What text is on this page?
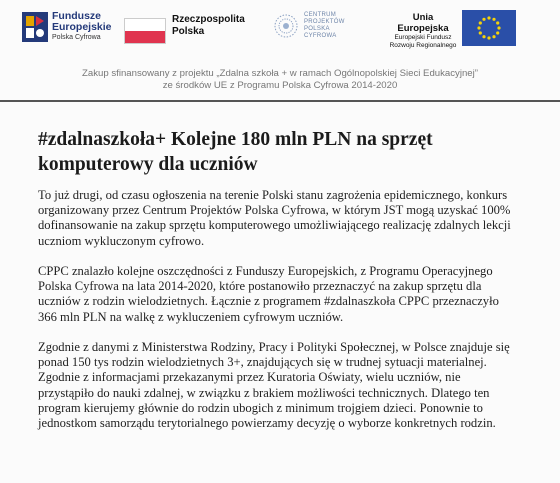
Fundusze
Europejskie
Polska Cyfrowa
Rzeczpospolita
Polska
CENTRUM
PROJEKTÓW
POLSKA
CYFROWA
Unia Europejska
Europejski Fundusz
Rozwoju Regionalnego
Zakup sfinansowany z projektu „Zdalna szkoła + w ramach Ogólnopolskiej Sieci Edukacyjnej”
ze środków UE z Programu Polska Cyfrowa 2014-2020
#zdalnaszkoła+ Kolejne 180 mln PLN na sprzęt
komputerowy dla uczniów

To już drugi, od czasu ogłoszenia na terenie Polski stanu zagrożenia epidemicznego, konkurs
organizowany przez Centrum Projektów Polska Cyfrowa, w którym JST mogą uzyskać 100%
dofinansowanie na zakup sprzętu komputerowego umożliwiającego realizację zdalnych lekcji
uczniom wykluczonym cyfrowo.

CPPC znalazło kolejne oszczędności z Funduszy Europejskich, z Programu Operacyjnego
Polska Cyfrowa na lata 2014-2020, które postanowiło przeznaczyć na zakup sprzętu dla
uczniów z rodzin wielodzietnych. Łącznie z programem #zdalnaszkoła CPPC przeznaczyło
366 mln PLN na walkę z wykluczeniem cyfrowym uczniów.

Zgodnie z danymi z Ministerstwa Rodziny, Pracy i Polityki Społecznej, w Polsce znajduje się
ponad 150 tys rodzin wielodzietnych 3+, znajdujących się w trudnej sytuacji materialnej.
Zgodnie z informacjami przekazanymi przez Kuratoria Oświaty, wielu uczniów, nie
przystąpiło do nauki zdalnej, w związku z brakiem możliwości technicznych. Dlatego ten
program kierujemy głównie do rodzin ubogich z minimum trojgiem dzieci. Ponownie to
jednostkom samorządu terytorialnego powierzamy decyzję o wyborze konkretnych rodzin.
